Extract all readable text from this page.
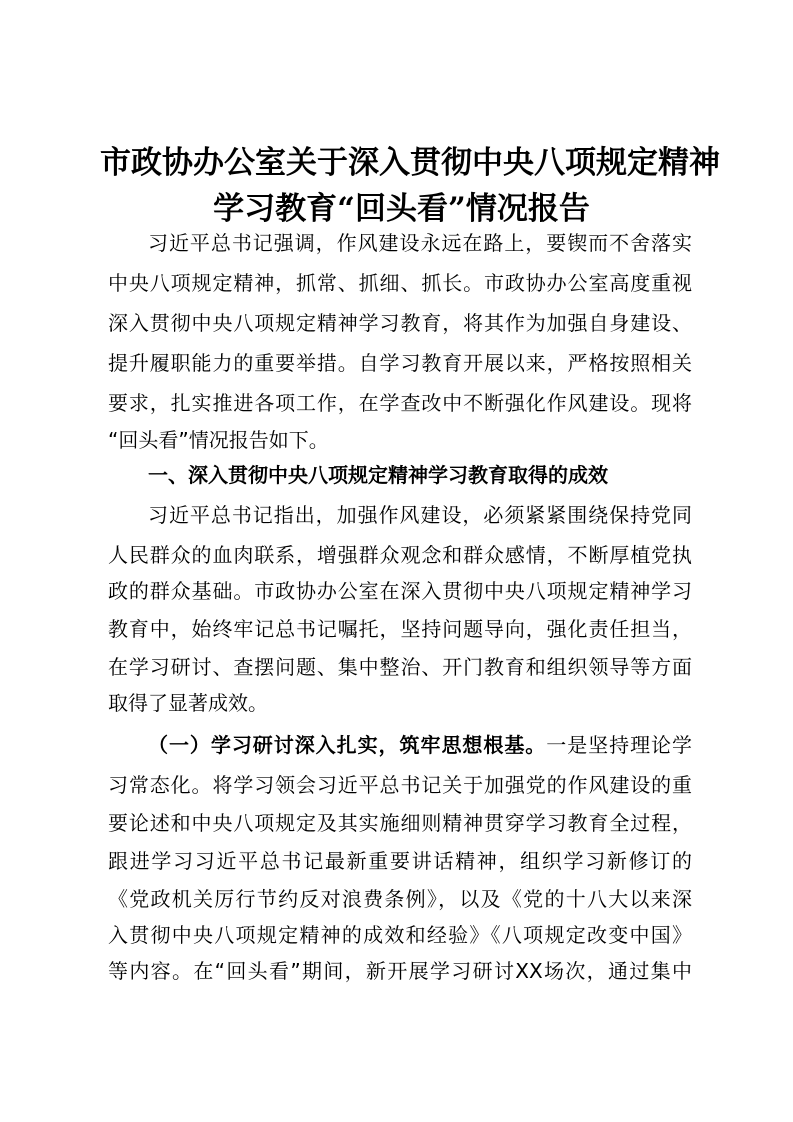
市政协办公室关于深入贯彻中央八项规定精神
学习教育“回头看”情况报告
习近平总书记强调，作风建设永远在路上，要锲而不舍落实
中央八项规定精神，抓常、抓细、抓长。市政协办公室高度重视
深入贯彻中央八项规定精神学习教育，将其作为加强自身建设、
提升履职能力的重要举措。自学习教育开展以来，严格按照相关
要求，扎实推进各项工作，在学查改中不断强化作风建设。现将
“回头看”情况报告如下。
一、深入贯彻中央八项规定精神学习教育取得的成效
习近平总书记指出，加强作风建设，必须紧紧围绕保持党同
人民群众的血肉联系，增强群众观念和群众感情，不断厚植党执
政的群众基础。市政协办公室在深入贯彻中央八项规定精神学习
教育中，始终牢记总书记嘱托，坚持问题导向，强化责任担当，
在学习研讨、查摆问题、集中整治、开门教育和组织领导等方面
取得了显著成效。
（一）学习研讨深入扎实，筑牢思想根基。一是坚持理论学
习常态化。将学习领会习近平总书记关于加强党的作风建设的重
要论述和中央八项规定及其实施细则精神贯穿学习教育全过程，
跟进学习习近平总书记最新重要讲话精神，组织学习新修订的
《党政机关厉行节约反对浪费条例》，以及《党的十八大以来深
入贯彻中央八项规定精神的成效和经验》《八项规定改变中国》
等内容。在“回头看”期间，新开展学习研讨XX场次，通过集中
